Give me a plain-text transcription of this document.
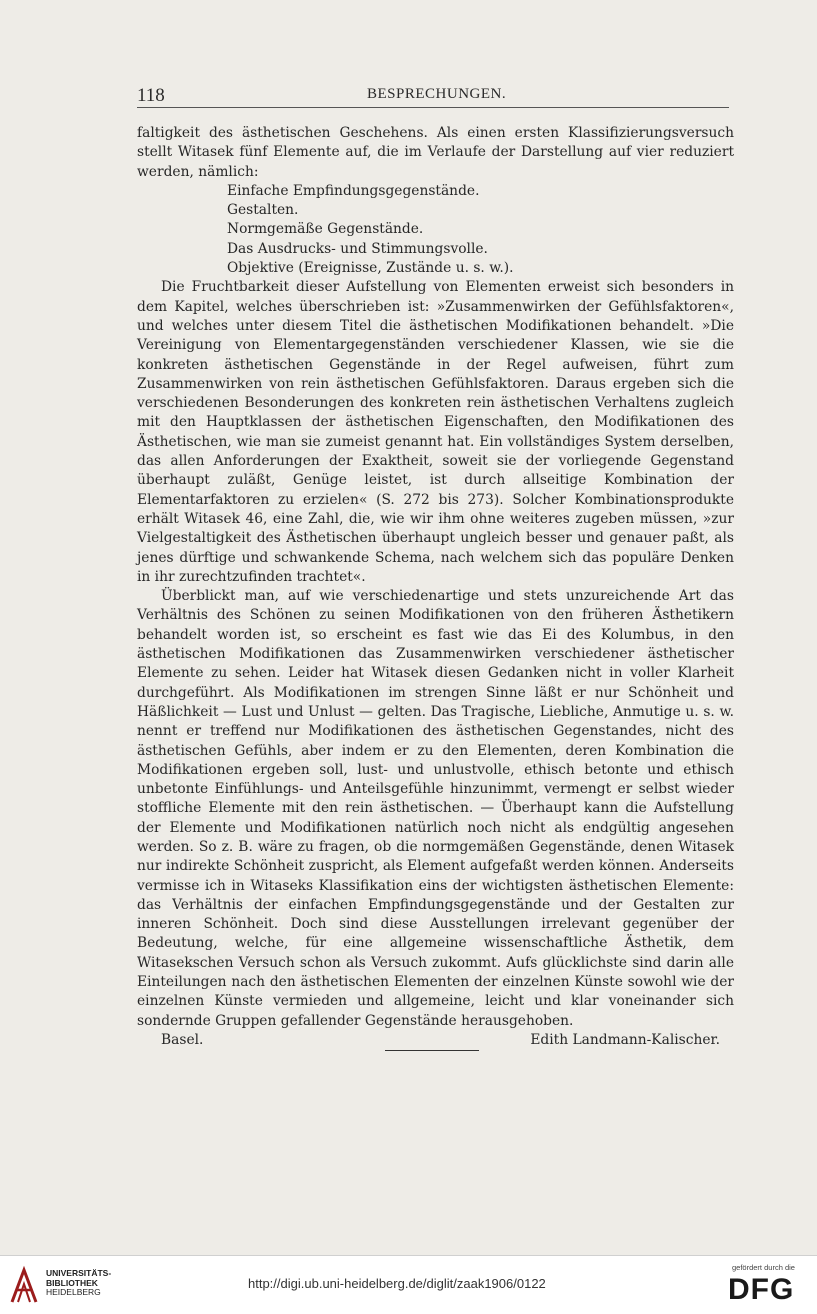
118	BESPRECHUNGEN.

faltigkeit des ästhetischen Geschehens. Als einen ersten Klassifizierungsversuch stellt Witasek fünf Elemente auf, die im Verlaufe der Darstellung auf vier reduziert werden, nämlich:

Einfache Empfindungsgegenstände.
Gestalten.
Normgemäße Gegenstände.
Das Ausdrucks- und Stimmungsvolle.
Objektive (Ereignisse, Zustände u. s. w.).

Die Fruchtbarkeit dieser Aufstellung von Elementen erweist sich besonders in dem Kapitel, welches überschrieben ist: »Zusammenwirken der Gefühlsfaktoren«, und welches unter diesem Titel die ästhetischen Modifikationen behandelt. »Die Vereinigung von Elementargegenständen verschiedener Klassen, wie sie die konkreten ästhetischen Gegenstände in der Regel aufweisen, führt zum Zusammenwirken von rein ästhetischen Gefühlsfaktoren. Daraus ergeben sich die verschiedenen Besonderungen des konkreten rein ästhetischen Verhaltens zugleich mit den Hauptklassen der ästhetischen Eigenschaften, den Modifikationen des Ästhetischen, wie man sie zumeist genannt hat. Ein vollständiges System derselben, das allen Anforderungen der Exaktheit, soweit sie der vorliegende Gegenstand überhaupt zuläßt, Genüge leistet, ist durch allseitige Kombination der Elementarfaktoren zu erzielen« (S. 272 bis 273). Solcher Kombinationsprodukte erhält Witasek 46, eine Zahl, die, wie wir ihm ohne weiteres zugeben müssen, »zur Vielgestaltigkeit des Ästhetischen überhaupt ungleich besser und genauer paßt, als jenes dürftige und schwankende Schema, nach welchem sich das populäre Denken in ihr zurechtzufinden trachtet«.

Überblickt man, auf wie verschiedenartige und stets unzureichende Art das Verhältnis des Schönen zu seinen Modifikationen von den früheren Ästhetikern behandelt worden ist, so erscheint es fast wie das Ei des Kolumbus, in den ästhetischen Modifikationen das Zusammenwirken verschiedener ästhetischer Elemente zu sehen. Leider hat Witasek diesen Gedanken nicht in voller Klarheit durchgeführt. Als Modifikationen im strengen Sinne läßt er nur Schönheit und Häßlichkeit — Lust und Unlust — gelten. Das Tragische, Liebliche, Anmutige u. s. w. nennt er treffend nur Modifikationen des ästhetischen Gegenstandes, nicht des ästhetischen Gefühls, aber indem er zu den Elementen, deren Kombination die Modifikationen ergeben soll, lust- und unlustvolle, ethisch betonte und ethisch unbetonte Einfühlungs- und Anteilsgefühle hinzunimmt, vermengt er selbst wieder stoffliche Elemente mit den rein ästhetischen. — Überhaupt kann die Aufstellung der Elemente und Modifikationen natürlich noch nicht als endgültig angesehen werden. So z. B. wäre zu fragen, ob die normgemäßen Gegenstände, denen Witasek nur indirekte Schönheit zuspricht, als Element aufgefaßt werden können. Anderseits vermisse ich in Witaseks Klassifikation eins der wichtigsten ästhetischen Elemente: das Verhältnis der einfachen Empfindungsgegenstände und der Gestalten zur inneren Schönheit. Doch sind diese Ausstellungen irrelevant gegenüber der Bedeutung, welche, für eine allgemeine wissenschaftliche Ästhetik, dem Witasekschen Versuch schon als Versuch zukommt. Aufs glücklichste sind darin alle Einteilungen nach den ästhetischen Elementen der einzelnen Künste sowohl wie der einzelnen Künste vermieden und allgemeine, leicht und klar voneinander sich sondernde Gruppen gefallender Gegenstände herausgehoben.

Basel.	Edith Landmann-Kalischer.
UNIVERSITÄTS-
BIBLIOTHEK
HEIDELBERG
http://digi.ub.uni-heidelberg.de/diglit/zaak1906/0122
gefördert durch die
DFG
